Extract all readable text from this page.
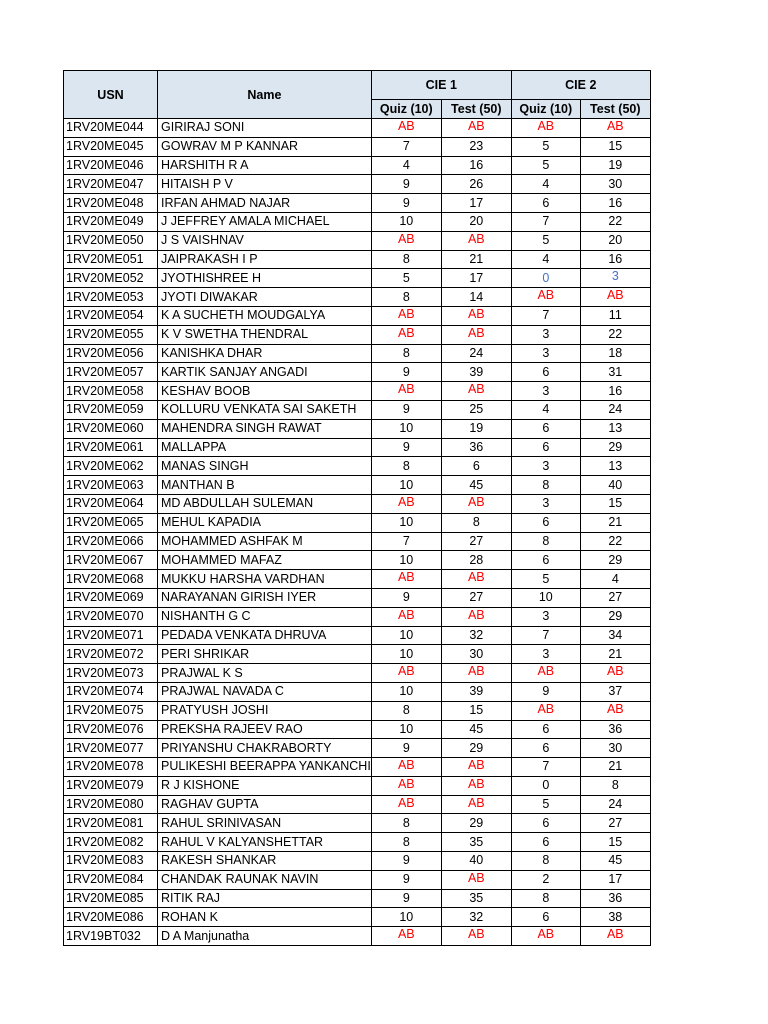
USN	Name	CIE 1		CIE 2	
		Quiz (10)	Test (50)	Quiz (10)	Test (50)
1RV20ME044	GIRIRAJ SONI	AB	AB	AB	AB
1RV20ME045	GOWRAV M P KANNAR	7	23	5	15
1RV20ME046	HARSHITH R A	4	16	5	19
1RV20ME047	HITAISH P V	9	26	4	30
1RV20ME048	IRFAN AHMAD NAJAR	9	17	6	16
1RV20ME049	J JEFFREY AMALA MICHAEL	10	20	7	22
1RV20ME050	J S VAISHNAV	AB	AB	5	20
1RV20ME051	JAIPRAKASH I P	8	21	4	16
1RV20ME052	JYOTHISHREE H	5	17	0	3
1RV20ME053	JYOTI DIWAKAR	8	14	AB	AB
1RV20ME054	K A SUCHETH MOUDGALYA	AB	AB	7	11
1RV20ME055	K V SWETHA THENDRAL	AB	AB	3	22
1RV20ME056	KANISHKA DHAR	8	24	3	18
1RV20ME057	KARTIK SANJAY ANGADI	9	39	6	31
1RV20ME058	KESHAV BOOB	AB	AB	3	16
1RV20ME059	KOLLURU VENKATA SAI SAKETH	9	25	4	24
1RV20ME060	MAHENDRA SINGH RAWAT	10	19	6	13
1RV20ME061	MALLAPPA	9	36	6	29
1RV20ME062	MANAS SINGH	8	6	3	13
1RV20ME063	MANTHAN B	10	45	8	40
1RV20ME064	MD ABDULLAH SULEMAN	AB	AB	3	15
1RV20ME065	MEHUL KAPADIA	10	8	6	21
1RV20ME066	MOHAMMED ASHFAK M	7	27	8	22
1RV20ME067	MOHAMMED MAFAZ	10	28	6	29
1RV20ME068	MUKKU HARSHA VARDHAN	AB	AB	5	4
1RV20ME069	NARAYANAN GIRISH IYER	9	27	10	27
1RV20ME070	NISHANTH G C	AB	AB	3	29
1RV20ME071	PEDADA VENKATA DHRUVA	10	32	7	34
1RV20ME072	PERI SHRIKAR	10	30	3	21
1RV20ME073	PRAJWAL K S	AB	AB	AB	AB
1RV20ME074	PRAJWAL NAVADA C	10	39	9	37
1RV20ME075	PRATYUSH JOSHI	8	15	AB	AB
1RV20ME076	PREKSHA RAJEEV RAO	10	45	6	36
1RV20ME077	PRIYANSHU CHAKRABORTY	9	29	6	30
1RV20ME078	PULIKESHI BEERAPPA YANKANCHI	AB	AB	7	21
1RV20ME079	R J KISHONE	AB	AB	0	8
1RV20ME080	RAGHAV GUPTA	AB	AB	5	24
1RV20ME081	RAHUL SRINIVASAN	8	29	6	27
1RV20ME082	RAHUL V KALYANSHETTAR	8	35	6	15
1RV20ME083	RAKESH SHANKAR	9	40	8	45
1RV20ME084	CHANDAK RAUNAK NAVIN	9	AB	2	17
1RV20ME085	RITIK RAJ	9	35	8	36
1RV20ME086	ROHAN K	10	32	6	38
1RV19BT032	D A Manjunatha	AB	AB	AB	AB
